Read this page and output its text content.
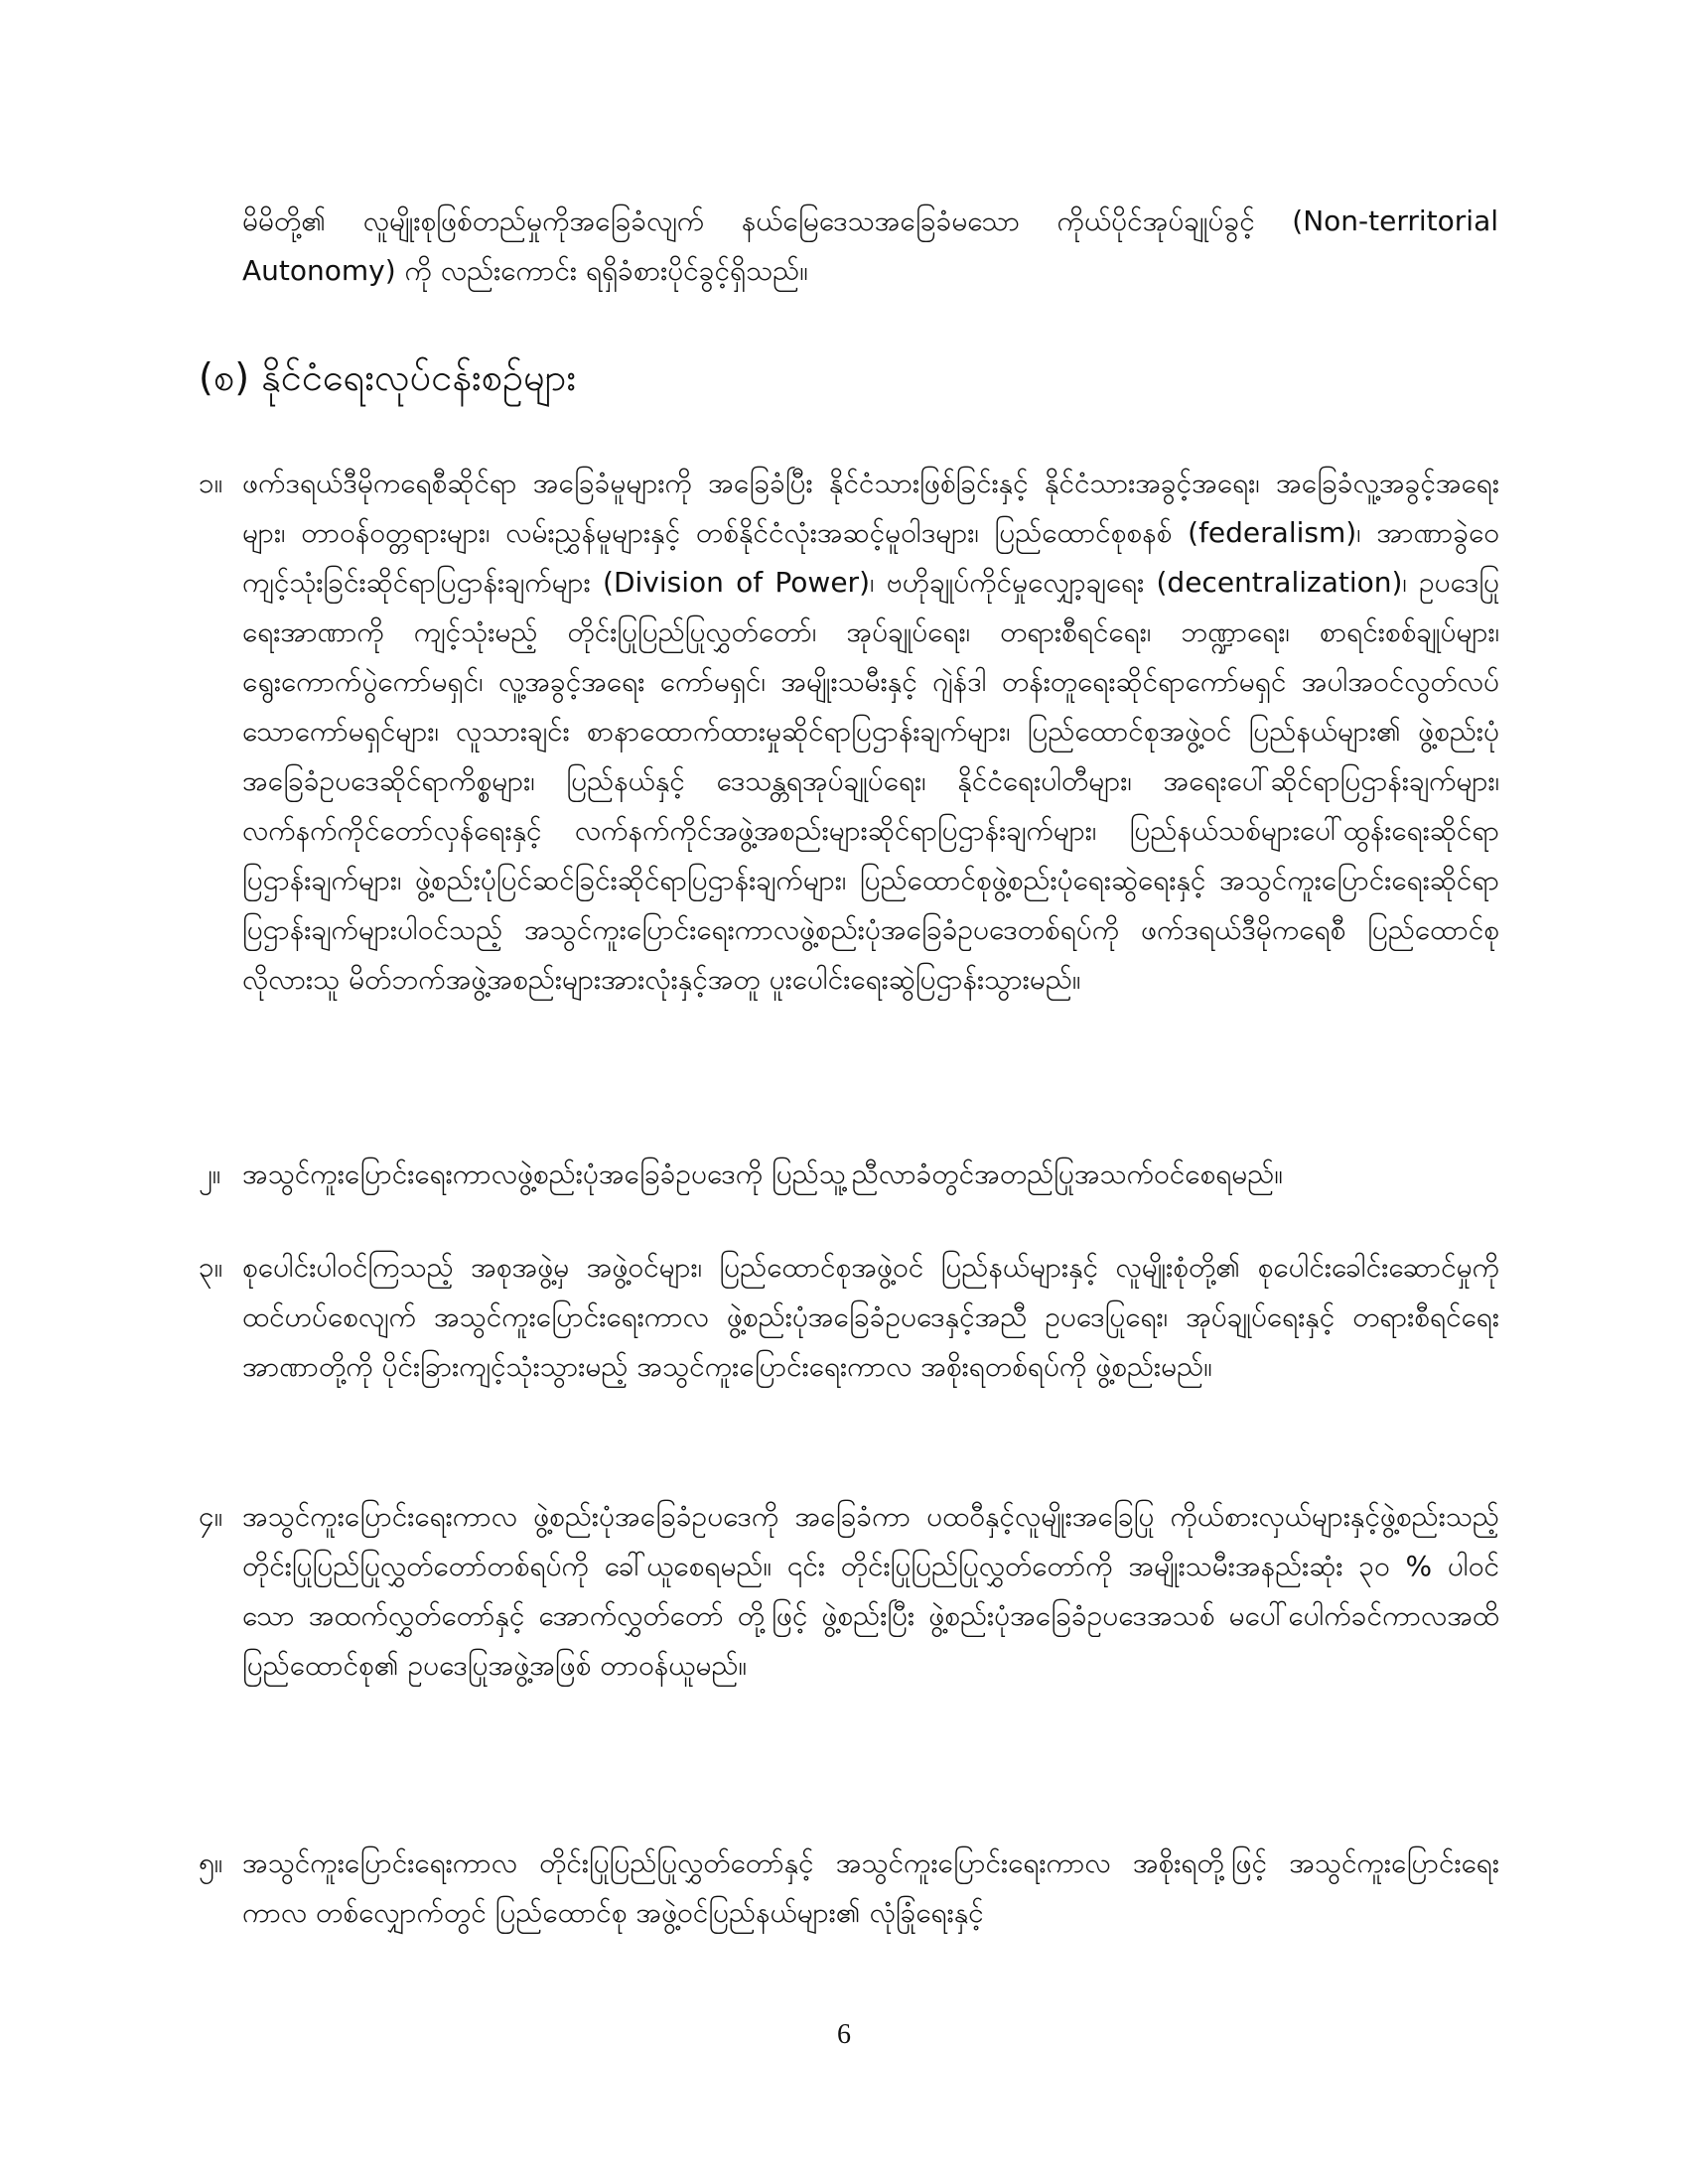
မိမိတို့၏ လူမျိုးစုဖြစ်တည်မှုကိုအခြေခံလျက် နယ်မြေဒေသအခြေခံမသော ကိုယ်ပိုင်အုပ်ချုပ်ခွင့် (Non-territorial Autonomy) ကို လည်းကောင်း ရရှိခံစားပိုင်ခွင့်ရှိသည်။
(စ) နိုင်ငံရေးလုပ်ငန်းစဉ်များ
၁။ ဖက်ဒရယ်ဒီမိုကရေစီဆိုင်ရာ အခြေခံမူများကို အခြေခံပြီး နိုင်ငံသားဖြစ်ခြင်းနှင့် နိုင်ငံသားအခွင့်အရေး၊ အခြေခံလူ့အခွင့်အရေးများ၊ တာဝန်ဝတ္တရားများ၊ လမ်းညွှန်မူများနှင့် တစ်နိုင်ငံလုံးအဆင့်မူဝါဒများ၊ ပြည်ထောင်စုစနစ် (federalism)၊ အာဏာခွဲဝေကျင့်သုံးခြင်းဆိုင်ရာပြဌာန်းချက်များ (Division of Power)၊ ဗဟိုချုပ်ကိုင်မှုလျှော့ချရေး (decentralization)၊ ဥပဒေပြုရေးအာဏာကို ကျင့်သုံးမည့် တိုင်းပြုပြည်ပြုလွှတ်တော်၊ အုပ်ချုပ်ရေး၊ တရားစီရင်ရေး၊ ဘဏ္ဍာရေး၊ စာရင်းစစ်ချုပ်များ၊ ရွေးကောက်ပွဲကော်မရှင်၊ လူ့အခွင့်အရေး ကော်မရှင်၊ အမျိုးသမီးနှင့် ဂျဲန်ဒါ တန်းတူရေးဆိုင်ရာကော်မရှင် အပါအဝင်လွတ်လပ်သောကော်မရှင်များ၊ လူသားချင်း စာနာထောက်ထားမှုဆိုင်ရာပြဌာန်းချက်များ၊ ပြည်ထောင်စုအဖွဲ့ဝင် ပြည်နယ်များ၏ ဖွဲ့စည်းပုံအခြေခံဥပဒေဆိုင်ရာကိစ္စများ၊ ပြည်နယ်နှင့် ဒေသန္တရအုပ်ချုပ်ရေး၊ နိုင်ငံရေးပါတီများ၊ အရေးပေါ်ဆိုင်ရာပြဌာန်းချက်များ၊ လက်နက်ကိုင်တော်လှန်ရေးနှင့် လက်နက်ကိုင်အဖွဲ့အစည်းများဆိုင်ရာပြဌာန်းချက်များ၊ ပြည်နယ်သစ်များပေါ်ထွန်းရေးဆိုင်ရာပြဌာန်းချက်များ၊ ဖွဲ့စည်းပုံပြင်ဆင်ခြင်းဆိုင်ရာပြဌာန်းချက်များ၊ ပြည်ထောင်စုဖွဲ့စည်းပုံရေးဆွဲရေးနှင့် အသွင်ကူးပြောင်းရေးဆိုင်ရာ ပြဌာန်းချက်များပါဝင်သည့် အသွင်ကူးပြောင်းရေးကာလဖွဲ့စည်းပုံအခြေခံဥပဒေတစ်ရပ်ကို ဖက်ဒရယ်ဒီမိုကရေစီ ပြည်ထောင်စုလိုလားသူ မိတ်ဘက်အဖွဲ့အစည်းများအားလုံးနှင့်အတူ ပူးပေါင်းရေးဆွဲပြဌာန်းသွားမည်။
၂။ အသွင်ကူးပြောင်းရေးကာလဖွဲ့စည်းပုံအခြေခံဥပဒေကို ပြည်သူ့ညီလာခံတွင်အတည်ပြုအသက်ဝင်စေရမည်။
၃။ စုပေါင်းပါဝင်ကြသည့် အစုအဖွဲ့မှ အဖွဲ့ဝင်များ၊ ပြည်ထောင်စုအဖွဲ့ဝင် ပြည်နယ်များနှင့် လူမျိုးစုံတို့၏ စုပေါင်းခေါင်းဆောင်မှုကို ထင်ဟပ်စေလျက် အသွင်ကူးပြောင်းရေးကာလ ဖွဲ့စည်းပုံအခြေခံဥပဒေနှင့်အညီ ဥပဒေပြုရေး၊ အုပ်ချုပ်ရေးနှင့် တရားစီရင်ရေးအာဏာတို့ကို ပိုင်းခြားကျင့်သုံးသွားမည့် အသွင်ကူးပြောင်းရေးကာလ အစိုးရတစ်ရပ်ကို ဖွဲ့စည်းမည်။
၄။ အသွင်ကူးပြောင်းရေးကာလ ဖွဲ့စည်းပုံအခြေခံဥပဒေကို အခြေခံကာ ပထဝီနှင့်လူမျိုးအခြေပြု ကိုယ်စားလှယ်များနှင့်ဖွဲ့စည်းသည့် တိုင်းပြုပြည်ပြုလွှတ်တော်တစ်ရပ်ကို ခေါ်ယူစေရမည်။ ၎င်း တိုင်းပြုပြည်ပြုလွှတ်တော်ကို အမျိုးသမီးအနည်းဆုံး ၃၀ % ပါဝင်သော အထက်လွှတ်တော်နှင့် အောက်လွှတ်တော် တို့ဖြင့် ဖွဲ့စည်းပြီး ဖွဲ့စည်းပုံအခြေခံဥပဒေအသစ် မပေါ်ပေါက်ခင်ကာလအထိ ပြည်ထောင်စု၏ ဥပဒေပြုအဖွဲ့အဖြစ် တာဝန်ယူမည်။
၅။ အသွင်ကူးပြောင်းရေးကာလ တိုင်းပြုပြည်ပြုလွှတ်တော်နှင့် အသွင်ကူးပြောင်းရေးကာလ အစိုးရတို့ဖြင့် အသွင်ကူးပြောင်းရေးကာလ တစ်လျှောက်တွင် ပြည်ထောင်စု အဖွဲ့ဝင်ပြည်နယ်များ၏ လုံခြုံရေးနှင့်
6
